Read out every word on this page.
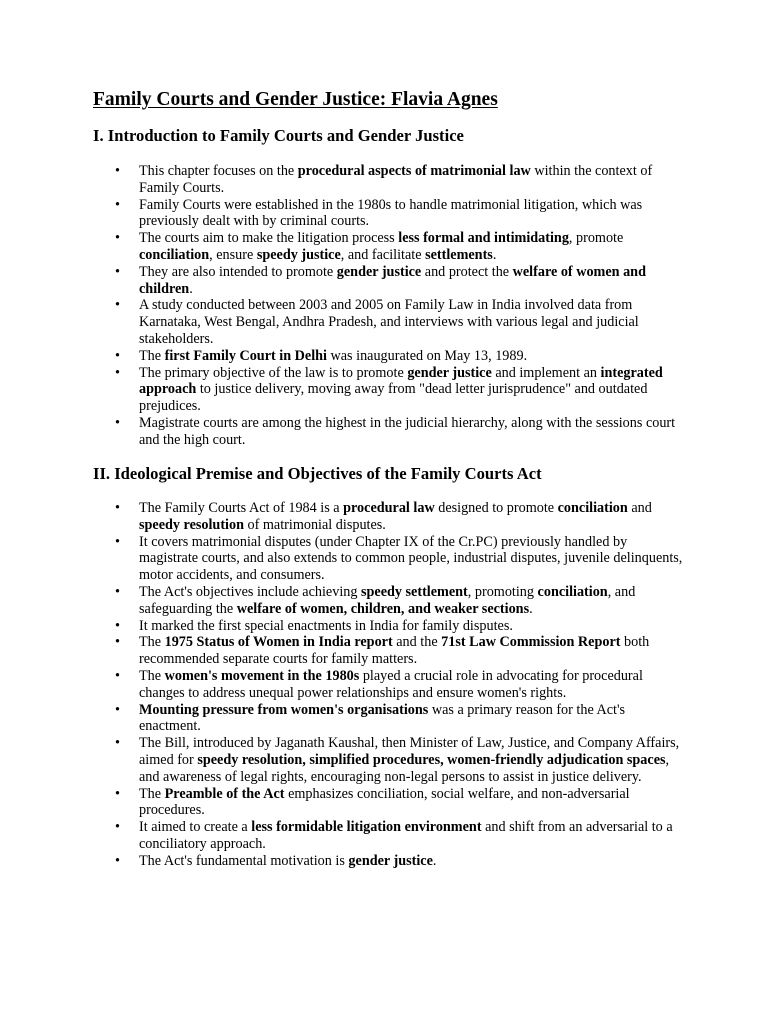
Family Courts and Gender Justice: Flavia Agnes
I. Introduction to Family Courts and Gender Justice
• This chapter focuses on the procedural aspects of matrimonial law within the context of Family Courts.
• Family Courts were established in the 1980s to handle matrimonial litigation, which was previously dealt with by criminal courts.
• The courts aim to make the litigation process less formal and intimidating, promote conciliation, ensure speedy justice, and facilitate settlements.
• They are also intended to promote gender justice and protect the welfare of women and children.
• A study conducted between 2003 and 2005 on Family Law in India involved data from Karnataka, West Bengal, Andhra Pradesh, and interviews with various legal and judicial stakeholders.
• The first Family Court in Delhi was inaugurated on May 13, 1989.
• The primary objective of the law is to promote gender justice and implement an integrated approach to justice delivery, moving away from "dead letter jurisprudence" and outdated prejudices.
• Magistrate courts are among the highest in the judicial hierarchy, along with the sessions court and the high court.
II. Ideological Premise and Objectives of the Family Courts Act
• The Family Courts Act of 1984 is a procedural law designed to promote conciliation and speedy resolution of matrimonial disputes.
• It covers matrimonial disputes (under Chapter IX of the Cr.PC) previously handled by magistrate courts, and also extends to common people, industrial disputes, juvenile delinquents, motor accidents, and consumers.
• The Act's objectives include achieving speedy settlement, promoting conciliation, and safeguarding the welfare of women, children, and weaker sections.
• It marked the first special enactments in India for family disputes.
• The 1975 Status of Women in India report and the 71st Law Commission Report both recommended separate courts for family matters.
• The women's movement in the 1980s played a crucial role in advocating for procedural changes to address unequal power relationships and ensure women's rights.
• Mounting pressure from women's organisations was a primary reason for the Act's enactment.
• The Bill, introduced by Jaganath Kaushal, then Minister of Law, Justice, and Company Affairs, aimed for speedy resolution, simplified procedures, women-friendly adjudication spaces, and awareness of legal rights, encouraging non-legal persons to assist in justice delivery.
• The Preamble of the Act emphasizes conciliation, social welfare, and non-adversarial procedures.
• It aimed to create a less formidable litigation environment and shift from an adversarial to a conciliatory approach.
• The Act's fundamental motivation is gender justice.
